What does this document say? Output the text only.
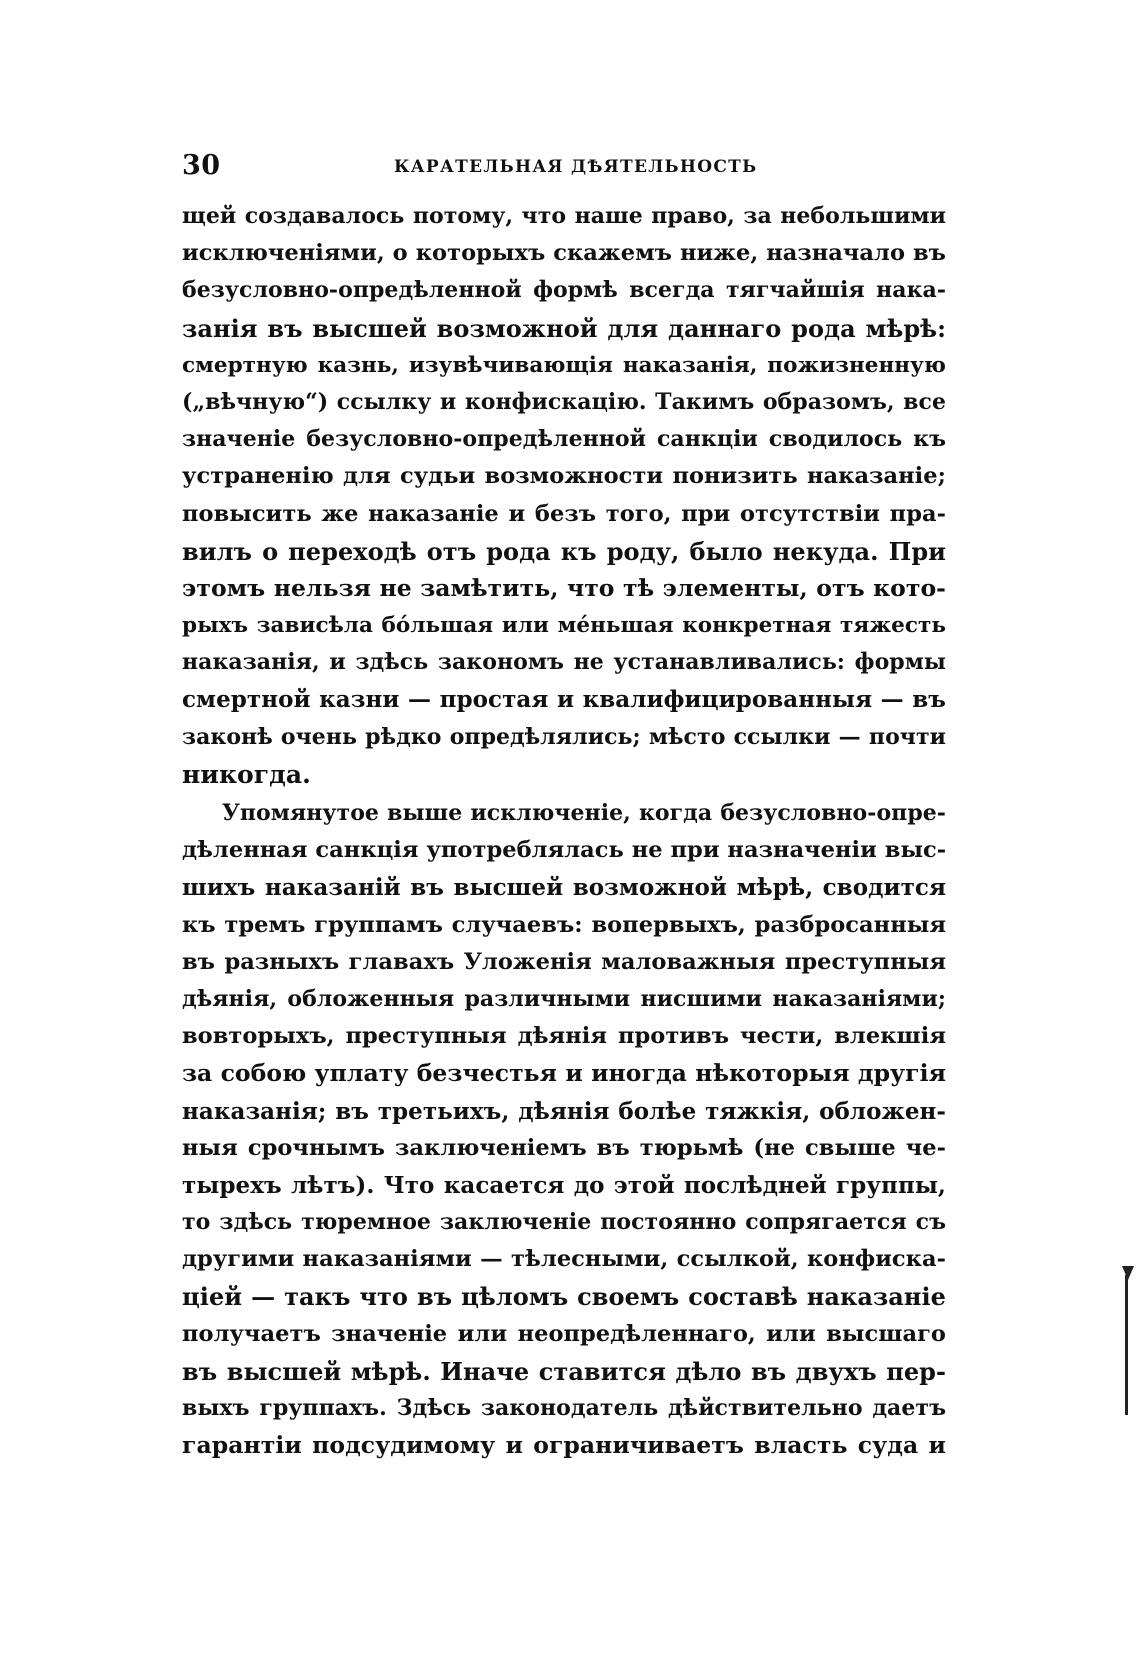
30	КАРАТЕЛЬНАЯ ДѢЯТЕЛЬНОСТЬ
щей создавалось потому, что наше право, за небольшими
исключеніями, о которыхъ скажемъ ниже, назначало въ
безусловно-опредѣленной формѣ всегда тягчайшія нака-
занія въ высшей возможной для даннаго рода мѣрѣ:
смертную казнь, изувѣчивающія наказанія, пожизненную
(„вѣчную“) ссылку и конфискацію. Такимъ образомъ, все
значеніе безусловно-опредѣленной санкціи сводилось къ
устраненію для судьи возможности понизить наказаніе;
повысить же наказаніе и безъ того, при отсутствіи пра-
вилъ о переходѣ отъ рода къ роду, было некуда. При
этомъ нельзя не замѣтить, что тѣ элементы, отъ кото-
рыхъ зависѣла бóльшая или мéньшая конкретная тяжесть
наказанія, и здѣсь закономъ не устанавливались: формы
смертной казни — простая и квалифицированныя — въ
законѣ очень рѣдко опредѣлялись; мѣсто ссылки — почти
никогда.
Упомянутое выше исключеніе, когда безусловно-опре-
дѣленная санкція употреблялась не при назначеніи выс-
шихъ наказаній въ высшей возможной мѣрѣ, сводится
къ тремъ группамъ случаевъ: вопервыхъ, разбросанныя
въ разныхъ главахъ Уложенія маловажныя преступныя
дѣянія, обложенныя различными нисшими наказаніями;
вовторыхъ, преступныя дѣянія противъ чести, влекшія
за собою уплату безчестья и иногда нѣкоторыя другія
наказанія; въ третьихъ, дѣянія болѣе тяжкія, обложен-
ныя срочнымъ заключеніемъ въ тюрьмѣ (не свыше че-
тырехъ лѣтъ). Что касается до этой послѣдней группы,
то здѣсь тюремное заключеніе постоянно сопрягается съ
другими наказаніями — тѣлесными, ссылкой, конфиска-
ціей — такъ что въ цѣломъ своемъ составѣ наказаніе
получаетъ значеніе или неопредѣленнаго, или высшаго
въ высшей мѣрѣ. Иначе ставится дѣло въ двухъ пер-
выхъ группахъ. Здѣсь законодатель дѣйствительно даетъ
гарантіи подсудимому и ограничиваетъ власть суда и
